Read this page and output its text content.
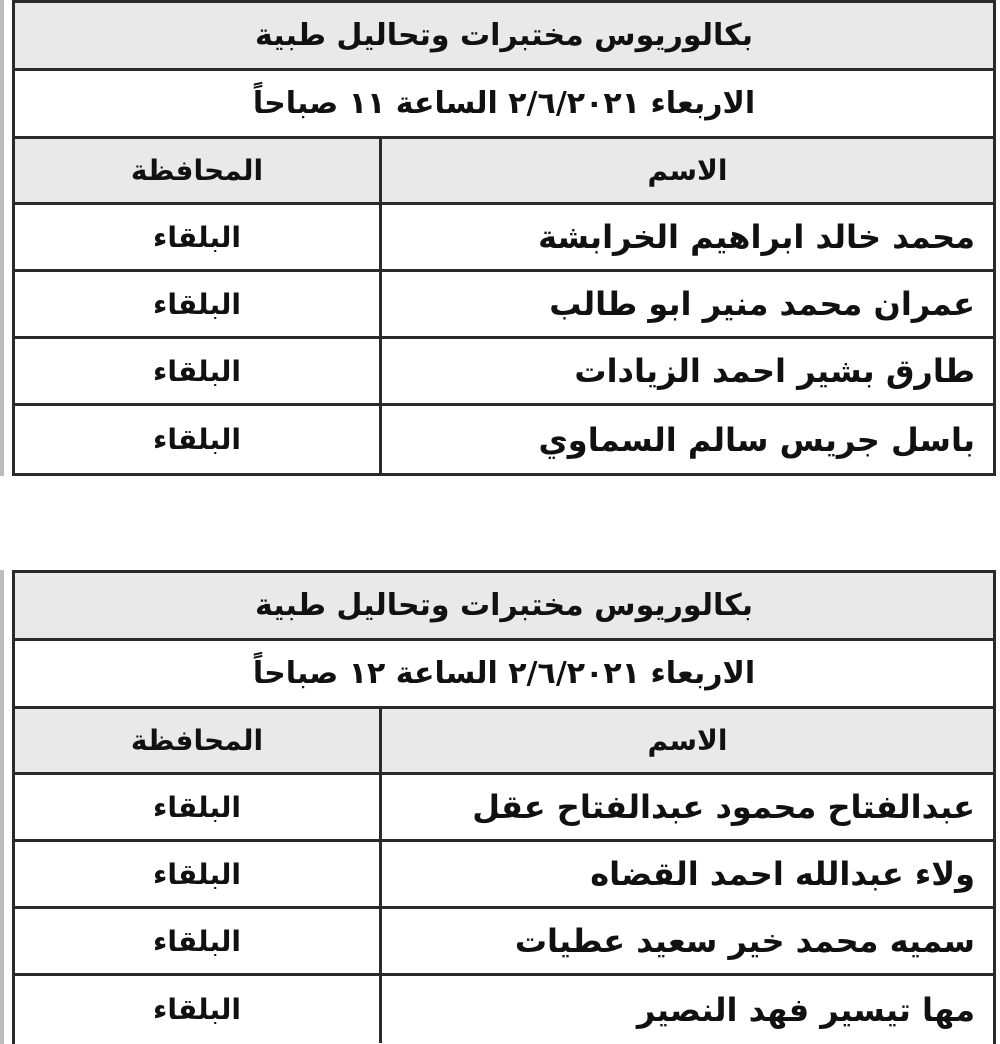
بكالوريوس مختبرات وتحاليل طبية
الاربعاء ٢/٦/٢٠٢١ الساعة ١١ صباحاً
الاسم
المحافظة
محمد خالد ابراهيم الخرابشة
البلقاء
عمران محمد منير ابو طالب
البلقاء
طارق بشير احمد الزيادات
البلقاء
باسل جريس سالم السماوي
البلقاء
بكالوريوس مختبرات وتحاليل طبية
الاربعاء ٢/٦/٢٠٢١ الساعة ١٢ صباحاً
الاسم
المحافظة
عبدالفتاح محمود عبدالفتاح عقل
البلقاء
ولاء عبدالله احمد القضاه
البلقاء
سميه محمد خير سعيد عطيات
البلقاء
مها تيسير فهد النصير
البلقاء
